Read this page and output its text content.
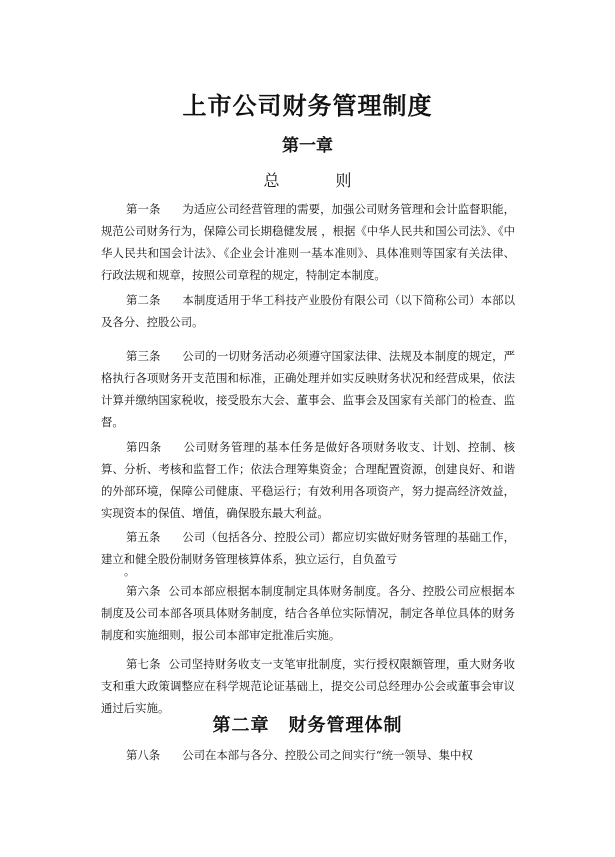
上市公司财务管理制度
第一章
总　则

第一条 为适应公司经营管理的需要，加强公司财务管理和会计监督职能，规范公司财务行为，保障公司长期稳健发展 ，根据《中华人民共和国公司法》、《中华人民共和国会计法》、《企业会计准则一基本准则》、具体准则等国家有关法律、行政法规和规章，按照公司章程的规定，特制定本制度。

第二条 本制度适用于华工科技产业股份有限公司（以下简称公司）本部以及各分、控股公司。

第三条 公司的一切财务活动必须遵守国家法律、法规及本制度的规定，严格执行各项财务开支范围和标准，正确处理并如实反映财务状况和经营成果，依法计算并缴纳国家税收，接受股东大会、董事会、监事会及国家有关部门的检查、监督。

第四条 公司财务管理的基本任务是做好各项财务收支、计划、控制、核算、分析、考核和监督工作；依法合理筹集资金；合理配置资源，创建良好、和谐的外部环境，保障公司健康、平稳运行；有效利用各项资产，努力提高经济效益，实现资本的保值、增值，确保股东最大利益。

第五条 公司（包括各分、控股公司）都应切实做好财务管理的基础工作，建立和健全股份制财务管理核算体系，独立运行，自负盈亏

。

第六条 公司本部应根据本制度制定具体财务制度。各分、控股公司应根据本制度及公司本部各项具体财务制度，结合各单位实际情况，制定各单位具体的财务制度和实施细则，报公司本部审定批准后实施。

第七条 公司坚持财务收支一支笔审批制度，实行授权限额管理，重大财务收支和重大政策调整应在科学规范论证基础上，提交公司总经理办公会或董事会审议通过后实施。

第二章　财务管理体制

第八条 公司在本部与各分、控股公司之间实行“统一领导、集中权
